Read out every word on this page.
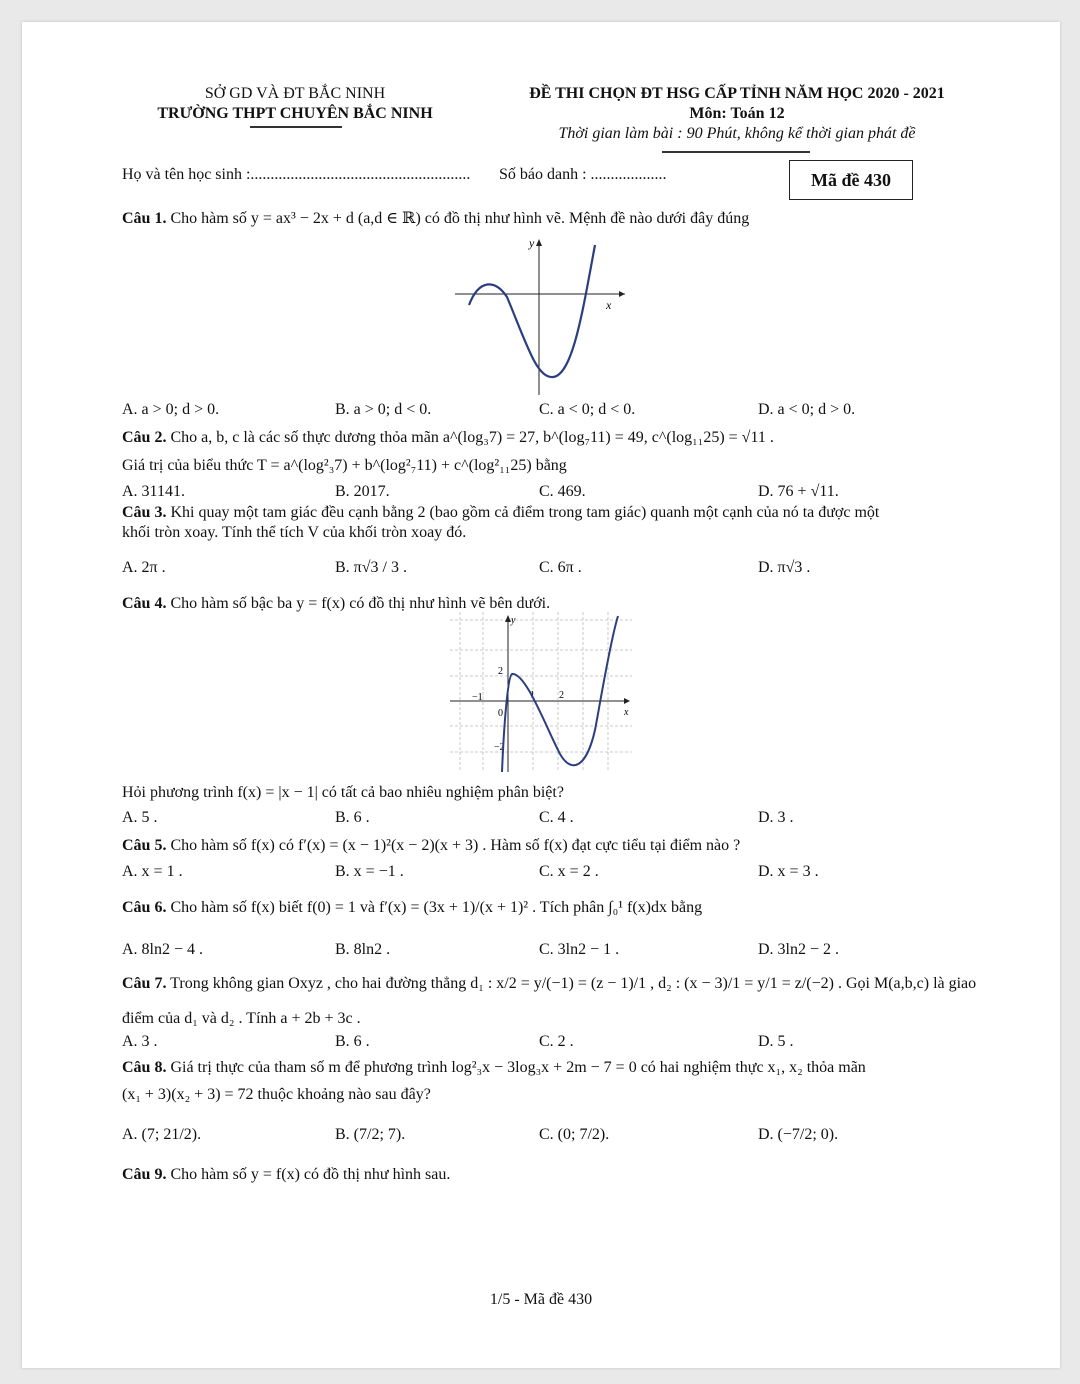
SỞ GD VÀ ĐT BẮC NINH
TRƯỜNG THPT CHUYÊN BẮC NINH
ĐỀ THI CHỌN ĐT HSG CẤP TỈNH NĂM HỌC 2020 - 2021
Môn: Toán 12
Thời gian làm bài : 90 Phút, không kể thời gian phát đề
Họ và tên học sinh :....................................................... Số báo danh : ...................	Mã đề 430
Câu 1. Cho hàm số y = ax³ − 2x + d (a,d ∈ ℝ) có đồ thị như hình vẽ. Mệnh đề nào dưới đây đúng
x
y
A. a > 0; d > 0.	B. a > 0; d < 0.	C. a < 0; d < 0.	D. a < 0; d > 0.
Câu 2. Cho a, b, c là các số thực dương thỏa mãn a^(log₃7) = 27, b^(log₇11) = 49, c^(log₁₁25) = √11 .
Giá trị của biểu thức T = a^(log²₃7) + b^(log²₇11) + c^(log²₁₁25) bằng
A. 31141.	B. 2017.	C. 469.	D. 76 + √11.
Câu 3. Khi quay một tam giác đều cạnh bằng 2 (bao gồm cả điểm trong tam giác) quanh một cạnh của nó ta được một
khối tròn xoay. Tính thể tích V của khối tròn xoay đó.
A. 2π .	B. π√3 / 3 .	C. 6π .	D. π√3 .
Câu 4. Cho hàm số bậc ba y = f(x) có đồ thị như hình vẽ bên dưới.
x
y
2
−1	1 2
0
−2
Hỏi phương trình f(x) = |x − 1| có tất cả bao nhiêu nghiệm phân biệt?
A. 5 .	B. 6 .	C. 4 .	D. 3 .
Câu 5. Cho hàm số f(x) có f′(x) = (x − 1)²(x − 2)(x + 3) . Hàm số f(x) đạt cực tiểu tại điểm nào ?
A. x = 1 .	B. x = −1 .	C. x = 2 .	D. x = 3 .
Câu 6. Cho hàm số f(x) biết f(0) = 1 và f′(x) = (3x + 1)/(x + 1)² . Tích phân ∫₀¹ f(x)dx bằng
A. 8ln2 − 4 .	B. 8ln2 .	C. 3ln2 − 1 .	D. 3ln2 − 2 .
Câu 7. Trong không gian Oxyz , cho hai đường thẳng d₁ : x/2 = y/(−1) = (z − 1)/1 , d₂ : (x − 3)/1 = y/1 = z/(−2) . Gọi M(a,b,c) là giao
điểm của d₁ và d₂ . Tính a + 2b + 3c .
A. 3 .	B. 6 .	C. 2 .	D. 5 .
Câu 8. Giá trị thực của tham số m để phương trình log²₃x − 3log₃x + 2m − 7 = 0 có hai nghiệm thực x₁, x₂ thỏa mãn
(x₁ + 3)(x₂ + 3) = 72 thuộc khoảng nào sau đây?
A. (7; 21/2).	B. (7/2; 7).	C. (0; 7/2).	D. (−7/2; 0).
Câu 9. Cho hàm số y = f(x) có đồ thị như hình sau.
1/5 - Mã đề 430
